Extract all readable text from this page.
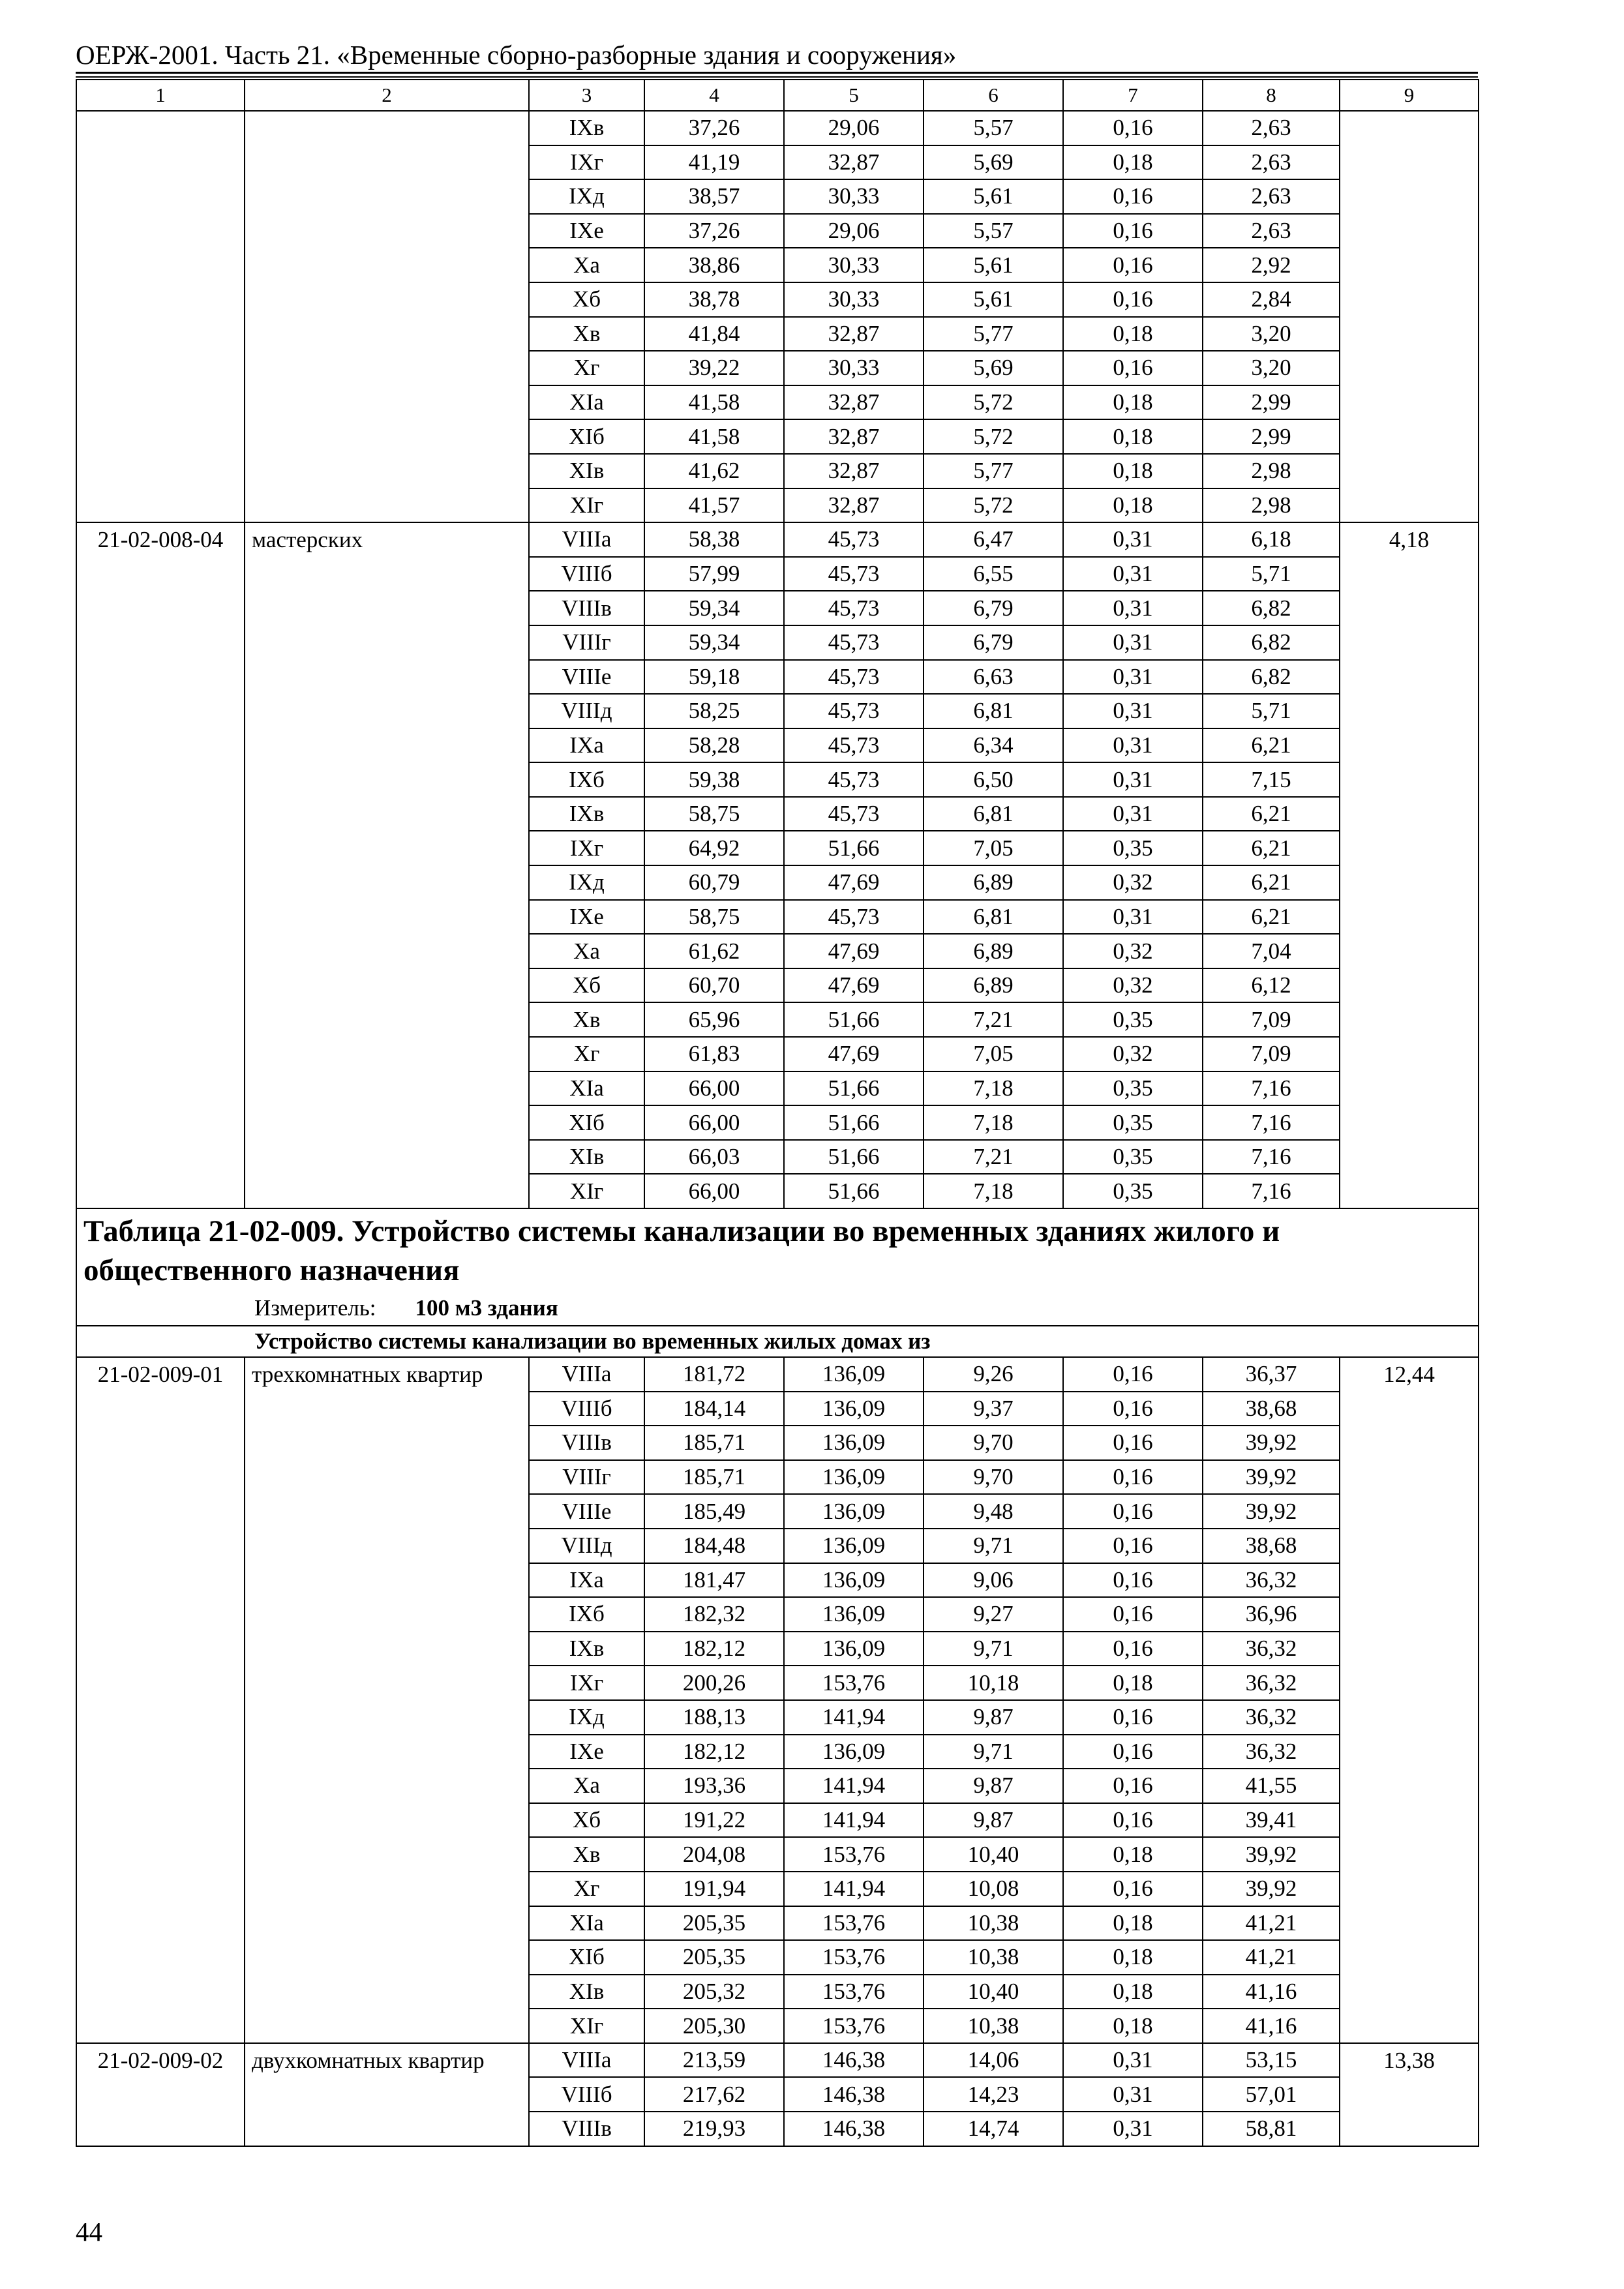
ОЕРЖ-2001. Часть 21. «Временные сборно-разборные здания и сооружения»
1	2	3	4	5	6	7	8	9
		IXв	37,26	29,06	5,57	0,16	2,63	
		IXг	41,19	32,87	5,69	0,18	2,63	
		IXд	38,57	30,33	5,61	0,16	2,63	
		IXе	37,26	29,06	5,57	0,16	2,63	
		Xа	38,86	30,33	5,61	0,16	2,92	
		Xб	38,78	30,33	5,61	0,16	2,84	
		Xв	41,84	32,87	5,77	0,18	3,20	
		Xг	39,22	30,33	5,69	0,16	3,20	
		XIа	41,58	32,87	5,72	0,18	2,99	
		XIб	41,58	32,87	5,72	0,18	2,99	
		XIв	41,62	32,87	5,77	0,18	2,98	
		XIг	41,57	32,87	5,72	0,18	2,98	
21-02-008-04	мастерских	VIIIа	58,38	45,73	6,47	0,31	6,18	4,18
		VIIIб	57,99	45,73	6,55	0,31	5,71	
		VIIIв	59,34	45,73	6,79	0,31	6,82	
		VIIIг	59,34	45,73	6,79	0,31	6,82	
		VIIIе	59,18	45,73	6,63	0,31	6,82	
		VIIIд	58,25	45,73	6,81	0,31	5,71	
		IXа	58,28	45,73	6,34	0,31	6,21	
		IXб	59,38	45,73	6,50	0,31	7,15	
		IXв	58,75	45,73	6,81	0,31	6,21	
		IXг	64,92	51,66	7,05	0,35	6,21	
		IXд	60,79	47,69	6,89	0,32	6,21	
		IXе	58,75	45,73	6,81	0,31	6,21	
		Xа	61,62	47,69	6,89	0,32	7,04	
		Xб	60,70	47,69	6,89	0,32	6,12	
		Xв	65,96	51,66	7,21	0,35	7,09	
		Xг	61,83	47,69	7,05	0,32	7,09	
		XIа	66,00	51,66	7,18	0,35	7,16	
		XIб	66,00	51,66	7,18	0,35	7,16	
		XIв	66,03	51,66	7,21	0,35	7,16	
		XIг	66,00	51,66	7,18	0,35	7,16	

Таблица 21-02-009. Устройство системы канализации во временных зданиях жилого и общественного назначения
Измеритель: 100 м3 здания								

Устройство системы канализации во временных жилых домах из								
21-02-009-01	трехкомнатных квартир	VIIIа	181,72	136,09	9,26	0,16	36,37	12,44
		VIIIб	184,14	136,09	9,37	0,16	38,68	
		VIIIв	185,71	136,09	9,70	0,16	39,92	
		VIIIг	185,71	136,09	9,70	0,16	39,92	
		VIIIе	185,49	136,09	9,48	0,16	39,92	
		VIIIд	184,48	136,09	9,71	0,16	38,68	
		IXа	181,47	136,09	9,06	0,16	36,32	
		IXб	182,32	136,09	9,27	0,16	36,96	
		IXв	182,12	136,09	9,71	0,16	36,32	
		IXг	200,26	153,76	10,18	0,18	36,32	
		IXд	188,13	141,94	9,87	0,16	36,32	
		IXе	182,12	136,09	9,71	0,16	36,32	
		Xа	193,36	141,94	9,87	0,16	41,55	
		Xб	191,22	141,94	9,87	0,16	39,41	
		Xв	204,08	153,76	10,40	0,18	39,92	
		Xг	191,94	141,94	10,08	0,16	39,92	
		XIа	205,35	153,76	10,38	0,18	41,21	
		XIб	205,35	153,76	10,38	0,18	41,21	
		XIв	205,32	153,76	10,40	0,18	41,16	
		XIг	205,30	153,76	10,38	0,18	41,16	
21-02-009-02	двухкомнатных квартир	VIIIа	213,59	146,38	14,06	0,31	53,15	13,38
		VIIIб	217,62	146,38	14,23	0,31	57,01	
		VIIIв	219,93	146,38	14,74	0,31	58,81	
44
